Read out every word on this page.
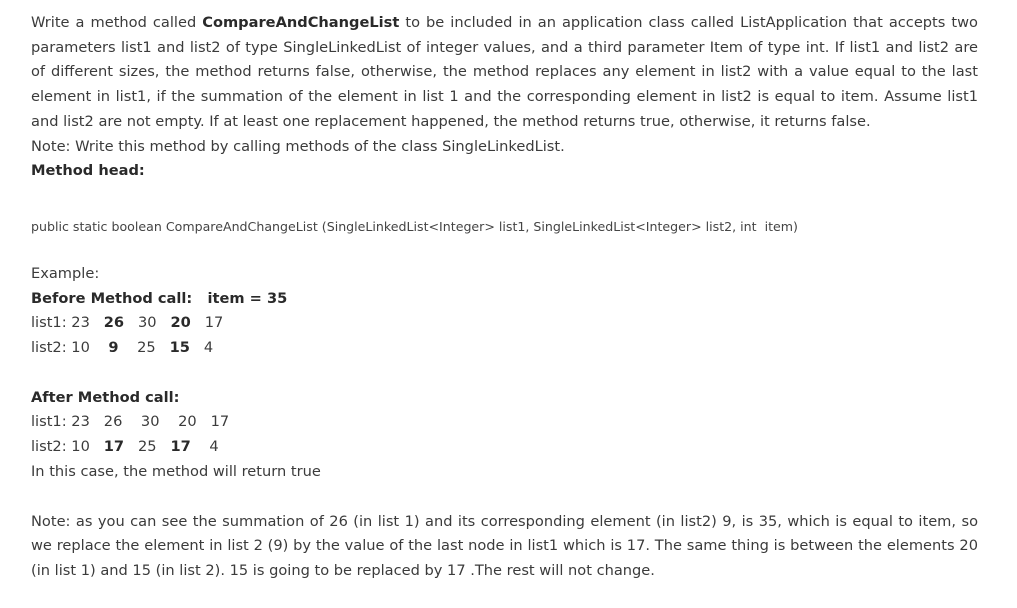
Write a method called CompareAndChangeList to be included in an application class called ListApplication that accepts two parameters list1 and list2 of type SingleLinkedList of integer values, and a third parameter Item of type int. If list1 and list2 are of different sizes, the method returns false, otherwise, the method replaces any element in list2 with a value equal to the last element in list1, if the summation of the element in list 1 and the corresponding element in list2 is equal to item. Assume list1 and list2 are not empty. If at least one replacement happened, the method returns true, otherwise, it returns false.

Note: Write this method by calling methods of the class SingleLinkedList.

Method head:

public static boolean CompareAndChangeList (SingleLinkedList<Integer> list1, SingleLinkedList<Integer> list2, int  item)

Example:

Before Method call: item = 35

list1: 23 26 30 20 17
list2: 10 9 25 15 4

After Method call:

list1: 23 26 30 20 17
list2: 10 17 25 17 4

In this case, the method will return true

Note: as you can see the summation of 26 (in list 1) and its corresponding element (in list2) 9, is 35, which is equal to item, so we replace the element in list 2 (9) by the value of the last node in list1 which is 17. The same thing is between the elements 20 (in list 1) and 15 (in list 2). 15 is going to be replaced by 17 .The rest will not change.
